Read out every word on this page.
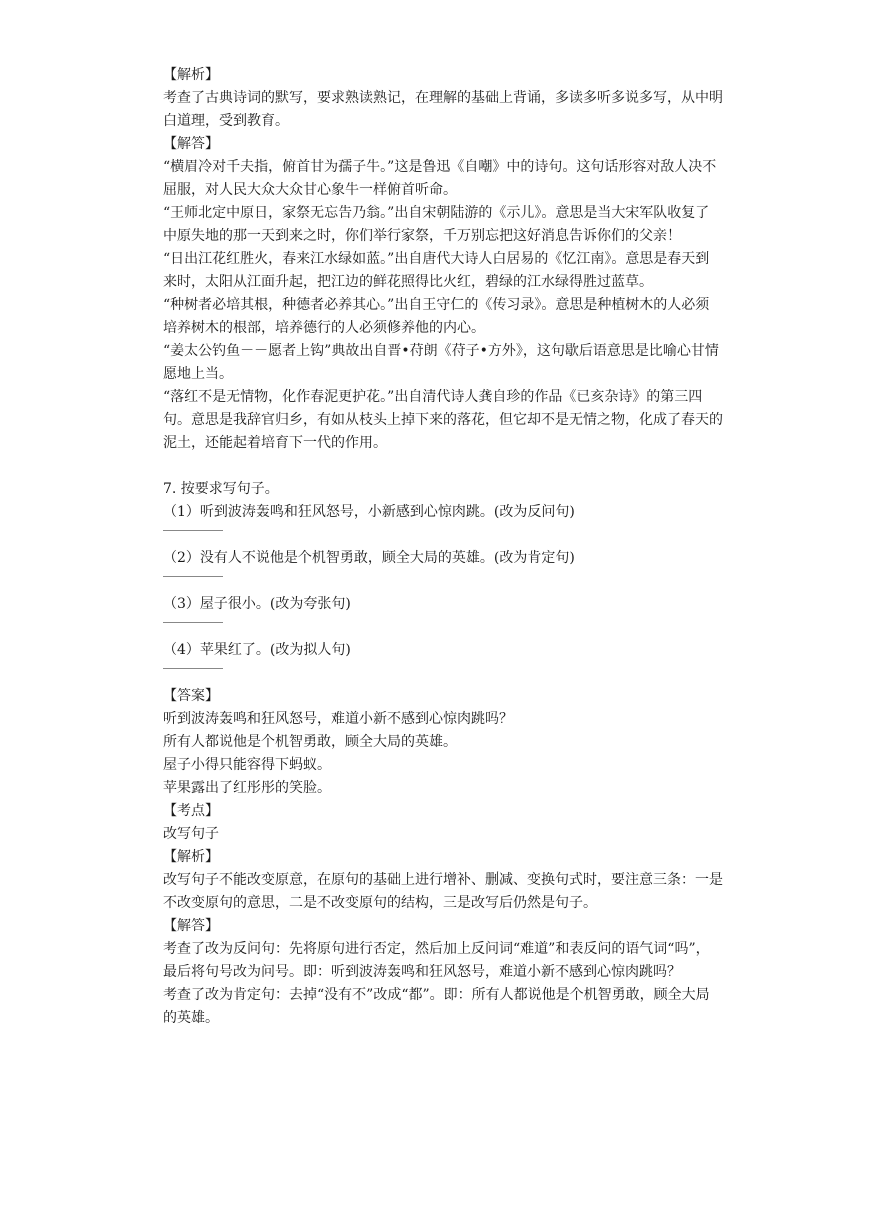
【解析】

考查了古典诗词的默写，要求熟读熟记，在理解的基础上背诵，多读多听多说多写，从中明白道理，受到教育。

【解答】

“横眉冷对千夫指，俯首甘为孺子牛。”这是鲁迅《自嘲》中的诗句。这句话形容对敌人决不屈服，对人民大众大众甘心象牛一样俯首听命。

“王师北定中原日，家祭无忘告乃翁。”出自宋朝陆游的《示儿》。意思是当大宋军队收复了中原失地的那一天到来之时，你们举行家祭，千万别忘把这好消息告诉你们的父亲！

“日出江花红胜火，春来江水绿如蓝。”出自唐代大诗人白居易的《忆江南》。意思是春天到来时，太阳从江面升起，把江边的鲜花照得比火红，碧绿的江水绿得胜过蓝草。

“种树者必培其根，种德者必养其心。”出自王守仁的《传习录》。意思是种植树木的人必须培养树木的根部，培养德行的人必须修养他的内心。

“姜太公钓鱼－－愿者上钩”典故出自晋•苻朗《苻子•方外》，这句歇后语意思是比喻心甘情愿地上当。

“落红不是无情物，化作春泥更护花。”出自清代诗人龚自珍的作品《已亥杂诗》的第三四句。意思是我辞官归乡，有如从枝头上掉下来的落花，但它却不是无情之物，化成了春天的泥土，还能起着培育下一代的作用。

7. 按要求写句子。

（1）听到波涛轰鸣和狂风怒号，小新感到心惊肉跳。(改为反问句)

（2）没有人不说他是个机智勇敢，顾全大局的英雄。(改为肯定句)

（3）屋子很小。(改为夸张句)

（4）苹果红了。(改为拟人句)

【答案】

听到波涛轰鸣和狂风怒号，难道小新不感到心惊肉跳吗？

所有人都说他是个机智勇敢，顾全大局的英雄。

屋子小得只能容得下蚂蚁。

苹果露出了红彤彤的笑脸。

【考点】

改写句子

【解析】

改写句子不能改变原意，在原句的基础上进行增补、删减、变换句式时，要注意三条：一是不改变原句的意思，二是不改变原句的结构，三是改写后仍然是句子。

【解答】

考查了改为反问句：先将原句进行否定，然后加上反问词“难道”和表反问的语气词“吗”，最后将句号改为问号。即：听到波涛轰鸣和狂风怒号，难道小新不感到心惊肉跳吗？

考查了改为肯定句：去掉“没有不”改成“都”。即：所有人都说他是个机智勇敢，顾全大局的英雄。
